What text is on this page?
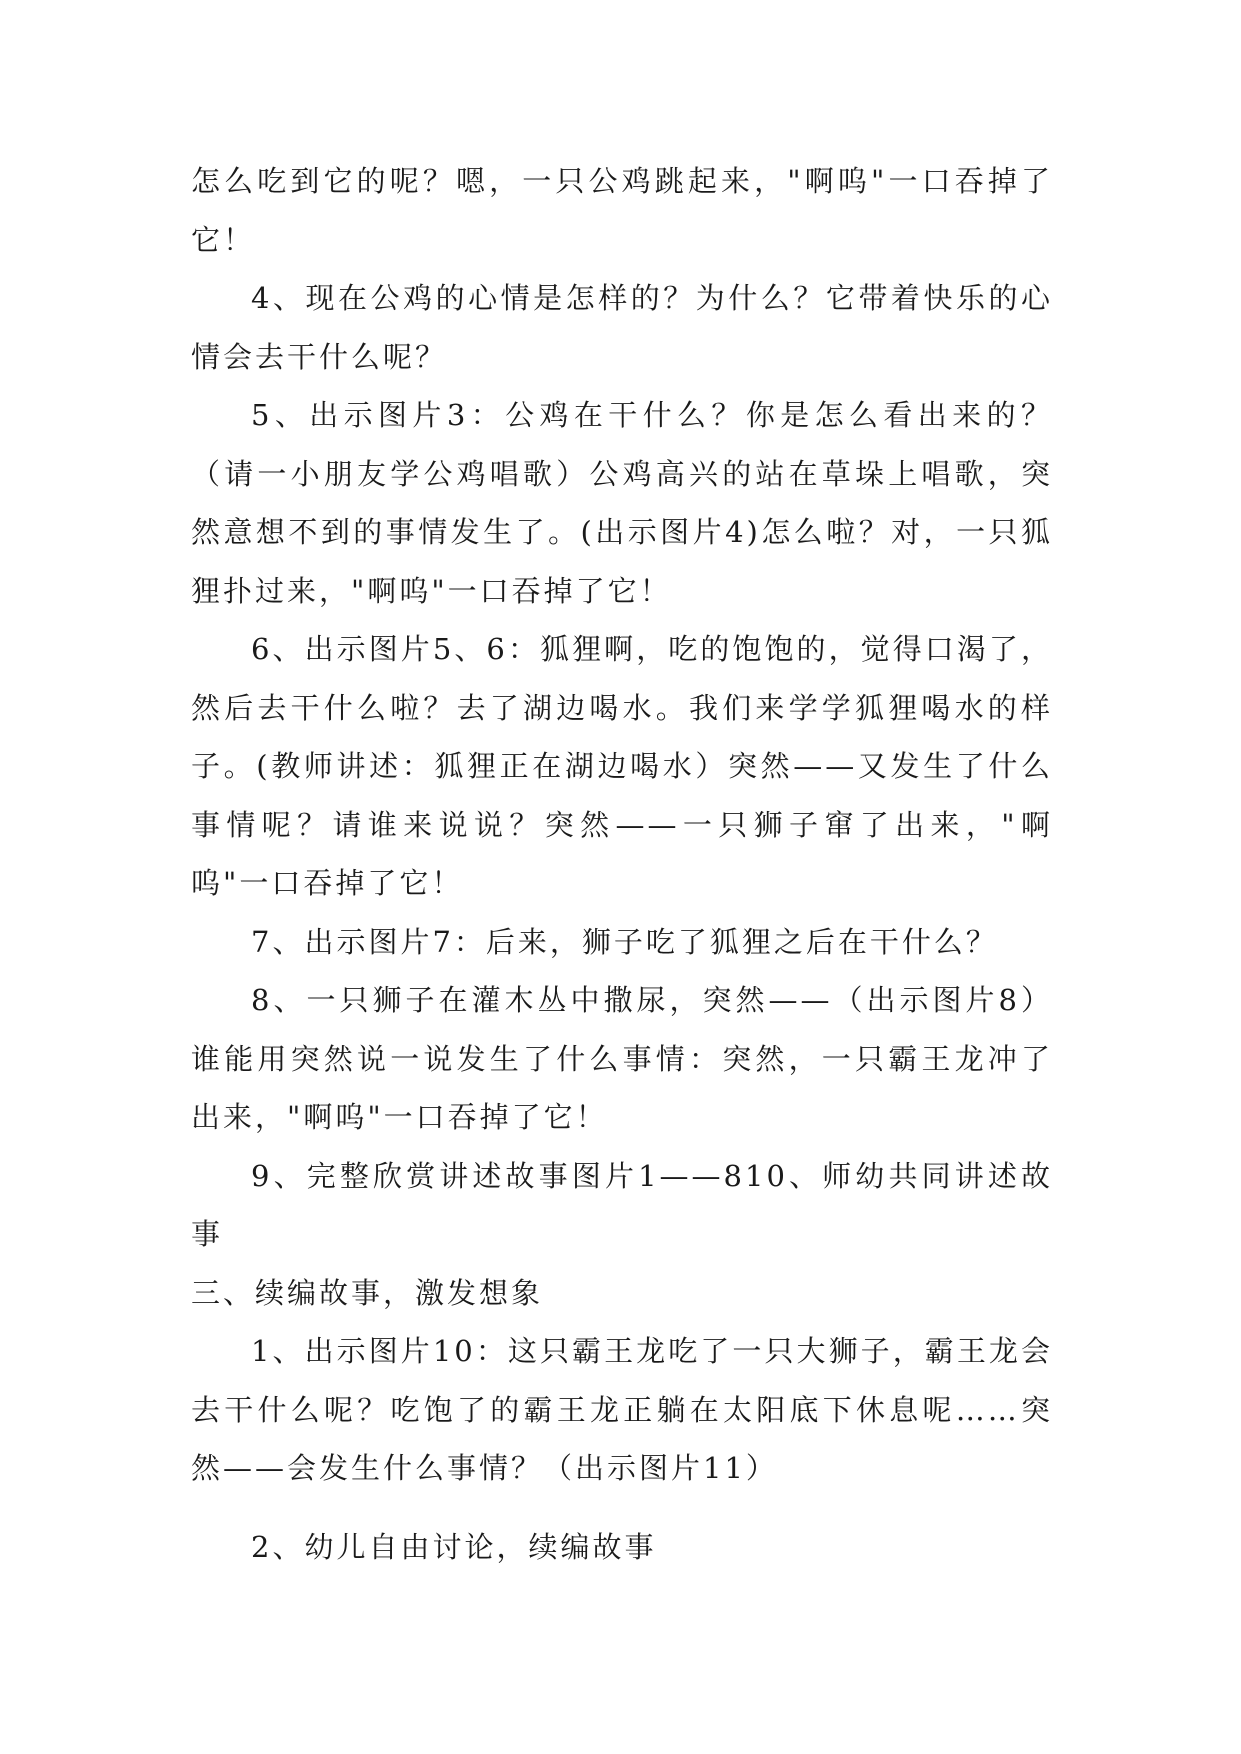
怎么吃到它的呢？嗯，一只公鸡跳起来，"啊呜"一口吞掉了它！

4、现在公鸡的心情是怎样的？为什么？它带着快乐的心情会去干什么呢？

5、出示图片3：公鸡在干什么？你是怎么看出来的？（请一小朋友学公鸡唱歌）公鸡高兴的站在草垛上唱歌，突然意想不到的事情发生了。(出示图片4)怎么啦？对，一只狐狸扑过来，"啊呜"一口吞掉了它！

6、出示图片5、6：狐狸啊，吃的饱饱的，觉得口渴了，然后去干什么啦？去了湖边喝水。我们来学学狐狸喝水的样子。(教师讲述：狐狸正在湖边喝水）突然——又发生了什么事情呢？请谁来说说？突然——一只狮子窜了出来，"啊呜"一口吞掉了它！

7、出示图片7：后来，狮子吃了狐狸之后在干什么？

8、一只狮子在灌木丛中撒尿，突然——（出示图片8）谁能用突然说一说发生了什么事情：突然，一只霸王龙冲了出来，"啊呜"一口吞掉了它！

9、完整欣赏讲述故事图片1——810、师幼共同讲述故事

三、续编故事，激发想象

1、出示图片10：这只霸王龙吃了一只大狮子，霸王龙会去干什么呢？吃饱了的霸王龙正躺在太阳底下休息呢……突然——会发生什么事情？（出示图片11）

2、幼儿自由讨论，续编故事
